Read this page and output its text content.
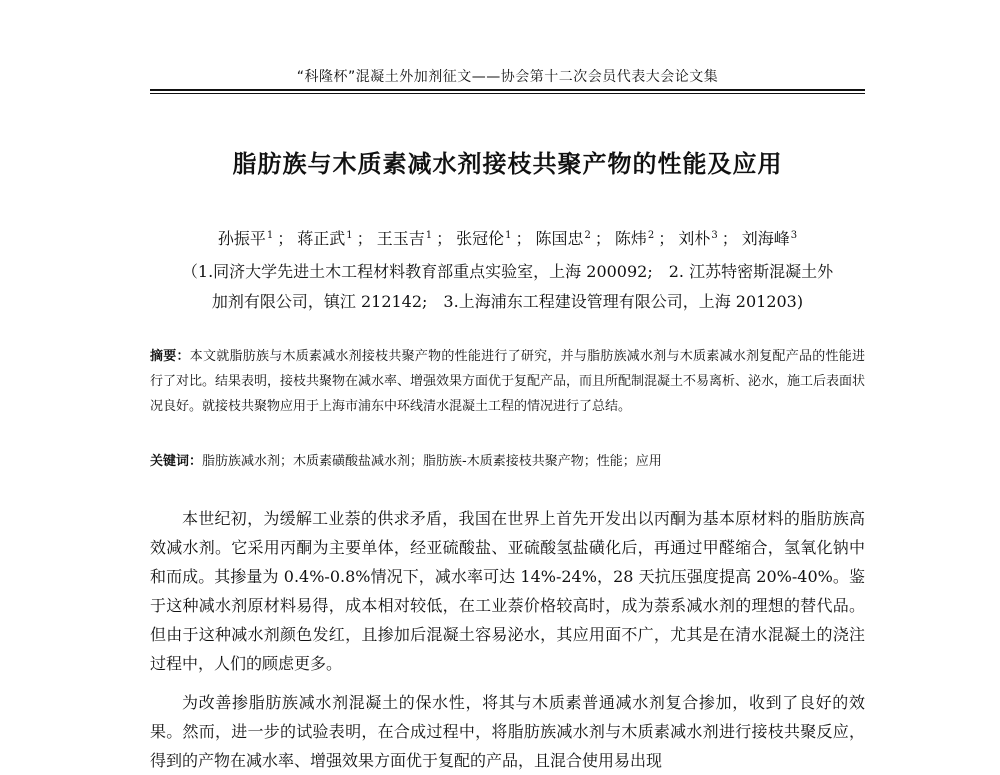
“科隆杯”混凝土外加剂征文——协会第十二次会员代表大会论文集
脂肪族与木质素减水剂接枝共聚产物的性能及应用
孙振平$^1$ ； 蒋正武$^1$ ； 王玉吉$^1$ ； 张冠伦$^1$ ； 陈国忠$^2$ ； 陈炜$^2$ ； 刘朴$^3$ ； 刘海峰$^3$
（1.同济大学先进土木工程材料教育部重点实验室，上海 200092;　2. 江苏特密斯混凝土外
加剂有限公司，镇江 212142;　3.上海浦东工程建设管理有限公司，上海 201203)
摘要：本文就脂肪族与木质素减水剂接枝共聚产物的性能进行了研究，并与脂肪族减水剂与木质素减水剂复配产品的性能进行了对比。结果表明，接枝共聚物在减水率、增强效果方面优于复配产品，而且所配制混凝土不易离析、泌水，施工后表面状况良好。就接枝共聚物应用于上海市浦东中环线清水混凝土工程的情况进行了总结。
关键词：脂肪族减水剂；木质素磺酸盐减水剂；脂肪族-木质素接枝共聚产物；性能；应用
本世纪初，为缓解工业萘的供求矛盾，我国在世界上首先开发出以丙酮为基本原材料的脂肪族高效减水剂。它采用丙酮为主要单体，经亚硫酸盐、亚硫酸氢盐磺化后，再通过甲醛缩合，氢氧化钠中和而成。其掺量为 0.4%-0.8%情况下，减水率可达 14%-24%，28 天抗压强度提高 20%-40%。鉴于这种减水剂原材料易得，成本相对较低，在工业萘价格较高时，成为萘系减水剂的理想的替代品。但由于这种减水剂颜色发红，且掺加后混凝土容易泌水，其应用面不广，尤其是在清水混凝土的浇注过程中，人们的顾虑更多。
为改善掺脂肪族减水剂混凝土的保水性，将其与木质素普通减水剂复合掺加，收到了良好的效果。然而，进一步的试验表明，在合成过程中，将脂肪族减水剂与木质素减水剂进行接枝共聚反应，得到的产物在减水率、增强效果方面优于复配的产品，且混合使用易出现
